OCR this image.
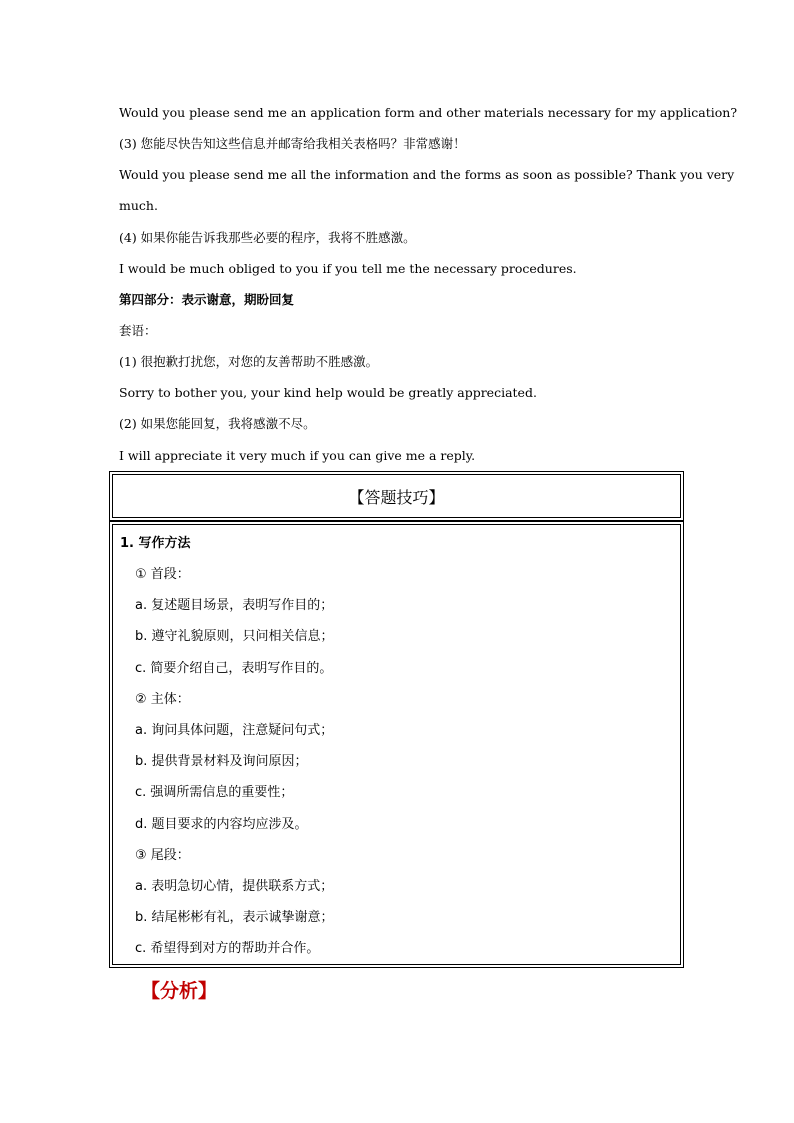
Would you please send me an application form and other materials necessary for my application?
(3) 您能尽快告知这些信息并邮寄给我相关表格吗？非常感谢！
Would you please send me all the information and the forms as soon as possible? Thank you very
much.
(4) 如果你能告诉我那些必要的程序，我将不胜感激。
I would be much obliged to you if you tell me the necessary procedures.
第四部分：表示谢意，期盼回复
套语：
(1) 很抱歉打扰您，对您的友善帮助不胜感激。
Sorry to bother you, your kind help would be greatly appreciated.
(2) 如果您能回复，我将感激不尽。
I will appreciate it very much if you can give me a reply.
【答题技巧】
1. 写作方法
① 首段：
a. 复述题目场景，表明写作目的；
b. 遵守礼貌原则，只问相关信息；
c. 简要介绍自己，表明写作目的。
② 主体：
a. 询问具体问题，注意疑问句式；
b. 提供背景材料及询问原因；
c. 强调所需信息的重要性；
d. 题目要求的内容均应涉及。
③ 尾段：
a. 表明急切心情，提供联系方式；
b. 结尾彬彬有礼，表示诚挚谢意；
c. 希望得到对方的帮助并合作。
【分析】
